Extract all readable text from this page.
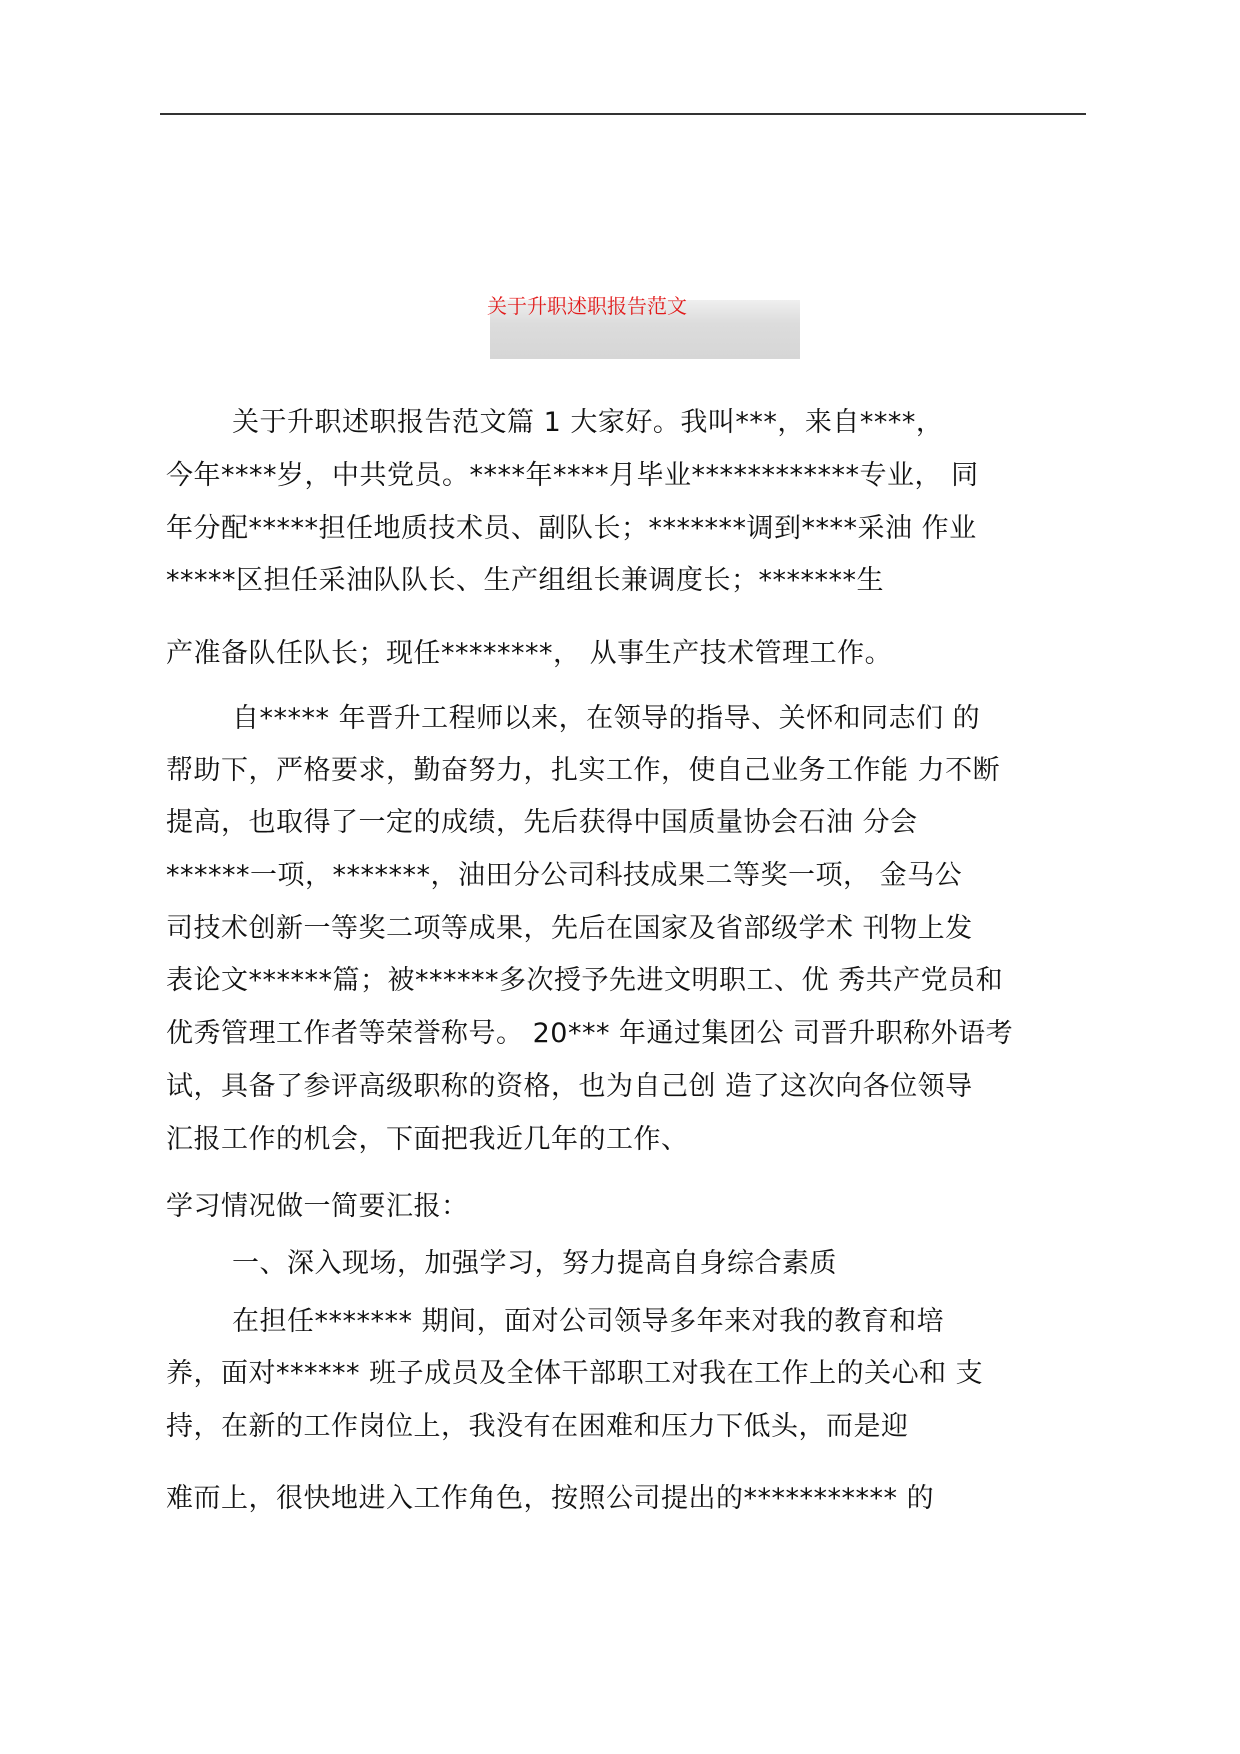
关于升职述职报告范文
关于升职述职报告范文篇 1 大家好。我叫***，来自****，
今年****岁，中共党员。****年****月毕业************专业， 同
年分配*****担任地质技术员、副队长；*******调到****采油 作业
*****区担任采油队队长、生产组组长兼调度长；*******生
产准备队任队长；现任********， 从事生产技术管理工作。
自***** 年晋升工程师以来，在领导的指导、关怀和同志们 的
帮助下，严格要求，勤奋努力，扎实工作，使自己业务工作能 力不断
提高，也取得了一定的成绩，先后获得中国质量协会石油 分会
******一项，*******，油田分公司科技成果二等奖一项， 金马公
司技术创新一等奖二项等成果，先后在国家及省部级学术 刊物上发
表论文******篇；被******多次授予先进文明职工、优 秀共产党员和
优秀管理工作者等荣誉称号。 20*** 年通过集团公 司晋升职称外语考
试，具备了参评高级职称的资格，也为自己创 造了这次向各位领导
汇报工作的机会，下面把我近几年的工作、
学习情况做一简要汇报：
一、深入现场，加强学习，努力提高自身综合素质
在担任******* 期间，面对公司领导多年来对我的教育和培
养，面对****** 班子成员及全体干部职工对我在工作上的关心和 支
持，在新的工作岗位上，我没有在困难和压力下低头，而是迎
难而上，很快地进入工作角色，按照公司提出的*********** 的
